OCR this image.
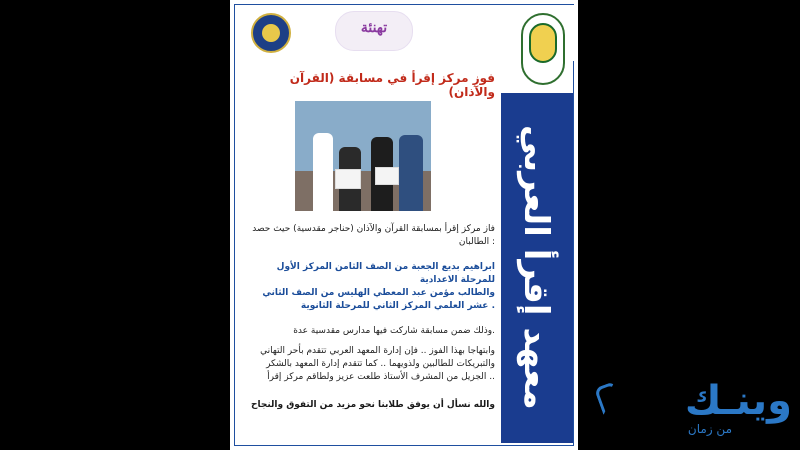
تهنئة
معهد إقرأ العربي
فوز مركز إقرأ في مسابقة (القرآن والآذان)
فاز مركز إقرأ بمسابقة القرآن والآذان (حناجر مقدسية) حيث حصد الطالبان :
ابراهيم بديع الجعبة من الصف الثامن المركز الأول للمرحلة الاعدادية
والطالب مؤمن عبد المعطي الهليس من الصف الثاني عشر العلمي المركز الثاني للمرحلة الثانوية .
وذلك ضمن مسابقة شاركت فيها مدارس مقدسية عدة.
وابتهاجا بهذا الفوز .. فإن إدارة المعهد العربي تتقدم بأحر التهاني والتبريكات للطالبين ولذويهما .. كما تتقدم إدارة المعهد بالشكر الجزيل من المشرف الأستاذ طلعت عزيز ولطاقم مركز إقرأ ..
والله نسأل أن يوفق طلابنا نحو مزيد من التفوق والنجاح	وينـك
من زمان
